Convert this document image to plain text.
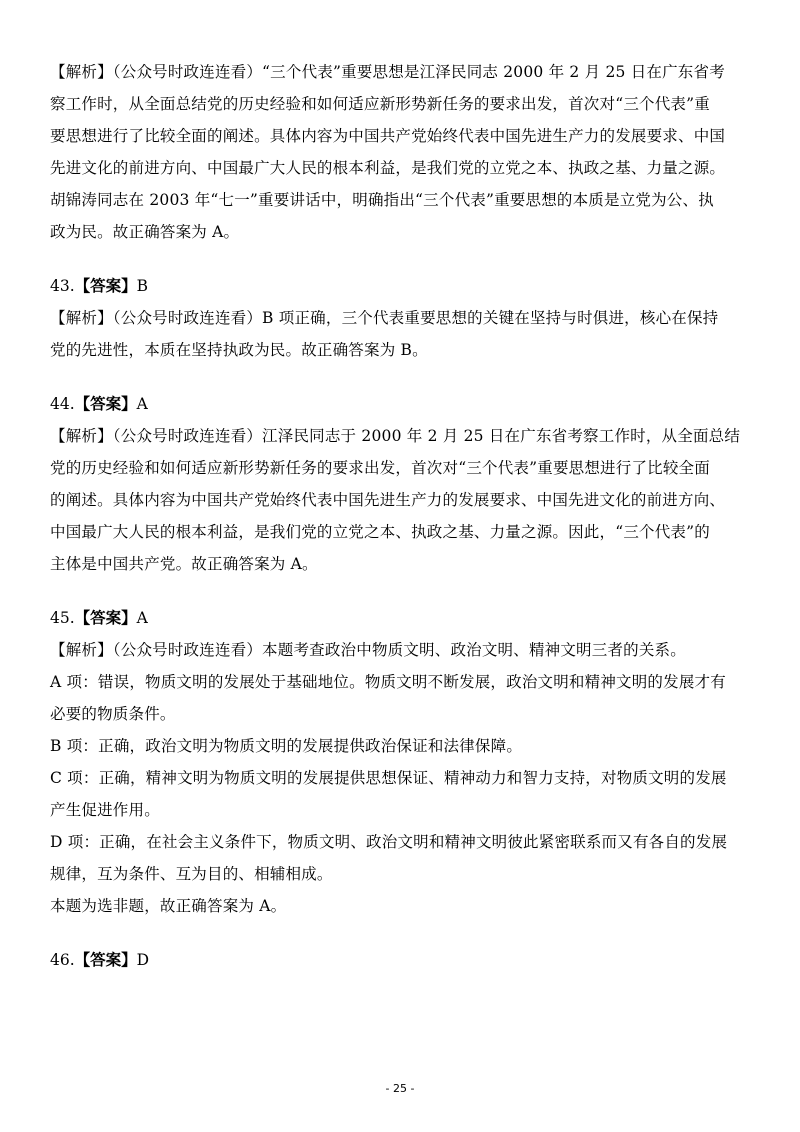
【解析】（公众号时政连连看）“三个代表”重要思想是江泽民同志 2000 年 2 月 25 日在广东省考

察工作时，从全面总结党的历史经验和如何适应新形势新任务的要求出发，首次对“三个代表”重

要思想进行了比较全面的阐述。具体内容为中国共产党始终代表中国先进生产力的发展要求、中国

先进文化的前进方向、中国最广大人民的根本利益，是我们党的立党之本、执政之基、力量之源。

胡锦涛同志在 2003 年“七一”重要讲话中，明确指出“三个代表”重要思想的本质是立党为公、执

政为民。故正确答案为 A。

43.【答案】B

【解析】（公众号时政连连看）B 项正确，三个代表重要思想的关键在坚持与时俱进，核心在保持

党的先进性，本质在坚持执政为民。故正确答案为 B。

44.【答案】A

【解析】（公众号时政连连看）江泽民同志于 2000 年 2 月 25 日在广东省考察工作时，从全面总结

党的历史经验和如何适应新形势新任务的要求出发，首次对“三个代表”重要思想进行了比较全面

的阐述。具体内容为中国共产党始终代表中国先进生产力的发展要求、中国先进文化的前进方向、

中国最广大人民的根本利益，是我们党的立党之本、执政之基、力量之源。因此，“三个代表”的

主体是中国共产党。故正确答案为 A。

45.【答案】A

【解析】（公众号时政连连看）本题考查政治中物质文明、政治文明、精神文明三者的关系。

A 项：错误，物质文明的发展处于基础地位。物质文明不断发展，政治文明和精神文明的发展才有

必要的物质条件。

B 项：正确，政治文明为物质文明的发展提供政治保证和法律保障。

C 项：正确，精神文明为物质文明的发展提供思想保证、精神动力和智力支持，对物质文明的发展

产生促进作用。

D 项：正确，在社会主义条件下，物质文明、政治文明和精神文明彼此紧密联系而又有各自的发展

规律，互为条件、互为目的、相辅相成。

本题为选非题，故正确答案为 A。

46.【答案】D

- 25 -
